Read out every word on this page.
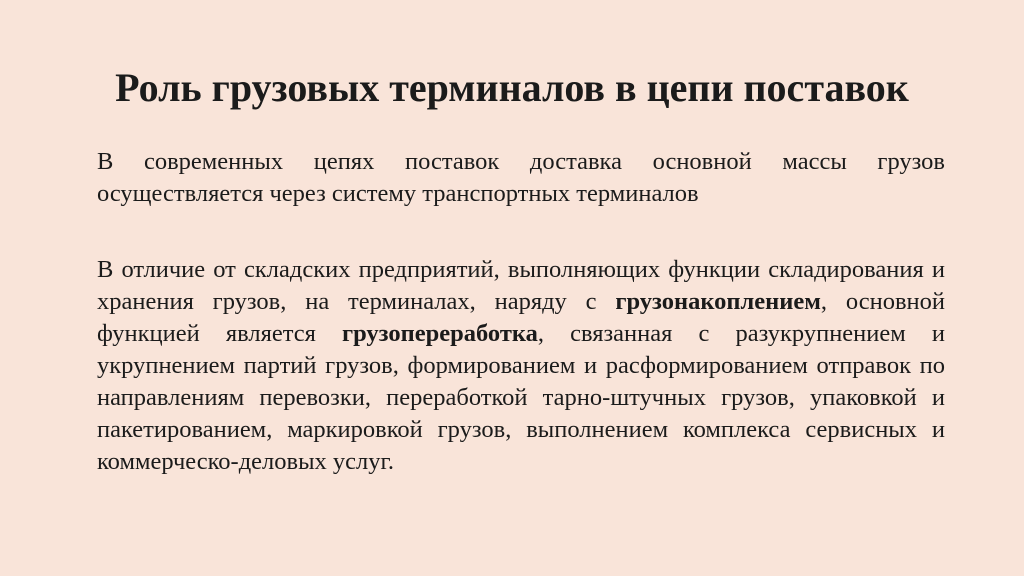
Роль грузовых терминалов в цепи поставок

В современных цепях поставок доставка основной массы грузов осуществляется через систему транспортных терминалов

В отличие от складских предприятий, выполняющих функции складирования и хранения грузов, на терминалах, наряду с грузонакоплением, основной функцией является грузопереработка, связанная с разукрупнением и укрупнением партий грузов, формированием и расформированием отправок по направлениям перевозки, переработкой тарно-штучных грузов, упаковкой и пакетированием, маркировкой грузов, выполнением комплекса сервисных и коммерческо-деловых услуг.
